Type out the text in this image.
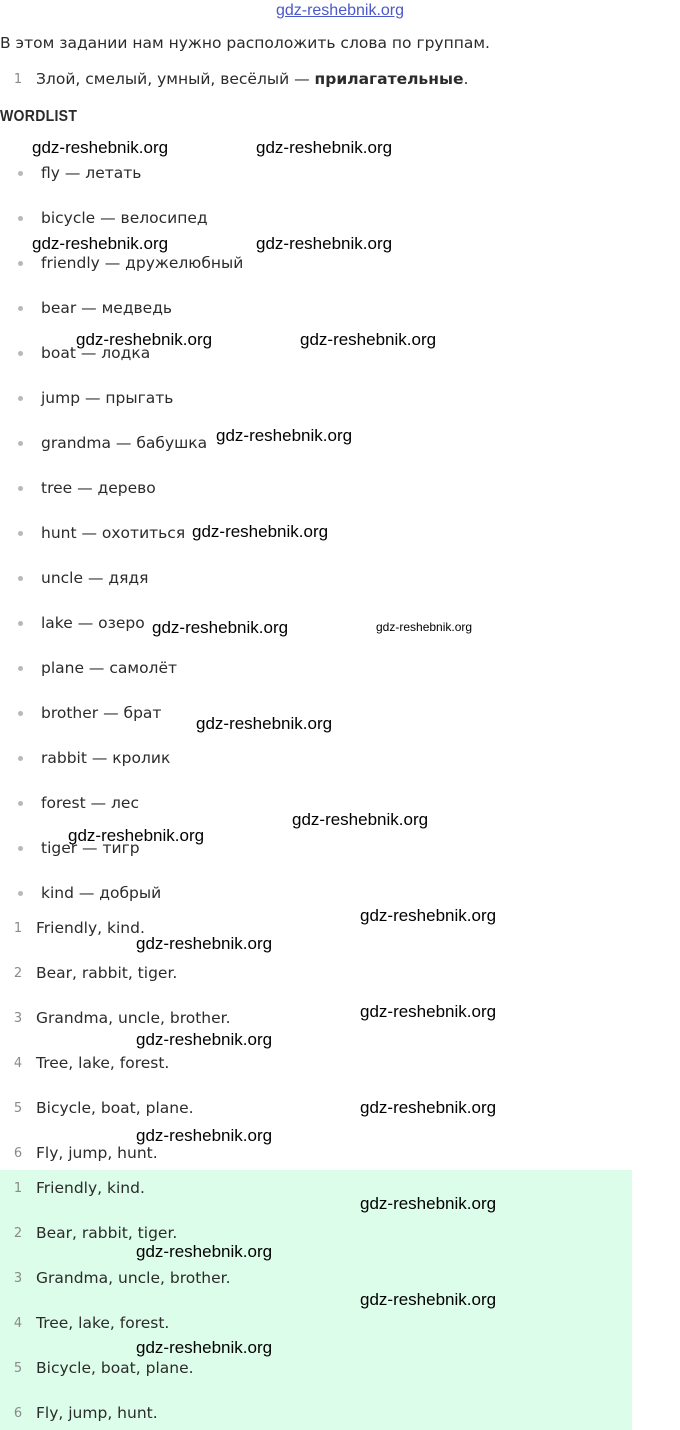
gdz-reshebnik.org
В этом задании нам нужно расположить слова по группам.
1 Злой, смелый, умный, весёлый — прилагательные.
WORDLIST
fly — летать
bicycle — велосипед
friendly — дружелюбный
bear — медведь
boat — лодка
jump — прыгать
grandma — бабушка
tree — дерево
hunt — охотиться
uncle — дядя
lake — озеро
plane — самолёт
brother — брат
rabbit — кролик
forest — лес
tiger — тигр
kind — добрый
1 Friendly, kind.
2 Bear, rabbit, tiger.
3 Grandma, uncle, brother.
4 Tree, lake, forest.
5 Bicycle, boat, plane.
6 Fly, jump, hunt.
1 Friendly, kind.
2 Bear, rabbit, tiger.
3 Grandma, uncle, brother.
4 Tree, lake, forest.
5 Bicycle, boat, plane.
6 Fly, jump, hunt.
gdz-reshebnik.org	gdz-reshebnik.org
gdz-reshebnik.org	gdz-reshebnik.org
gdz-reshebnik.org	gdz-reshebnik.org
gdz-reshebnik.org
gdz-reshebnik.org
gdz-reshebnik.org	gdz-reshebnik.org
gdz-reshebnik.org
gdz-reshebnik.org
gdz-reshebnik.org
gdz-reshebnik.org
gdz-reshebnik.org
gdz-reshebnik.org
gdz-reshebnik.org
gdz-reshebnik.org
gdz-reshebnik.org
gdz-reshebnik.org
gdz-reshebnik.org
gdz-reshebnik.org
gdz-reshebnik.org
